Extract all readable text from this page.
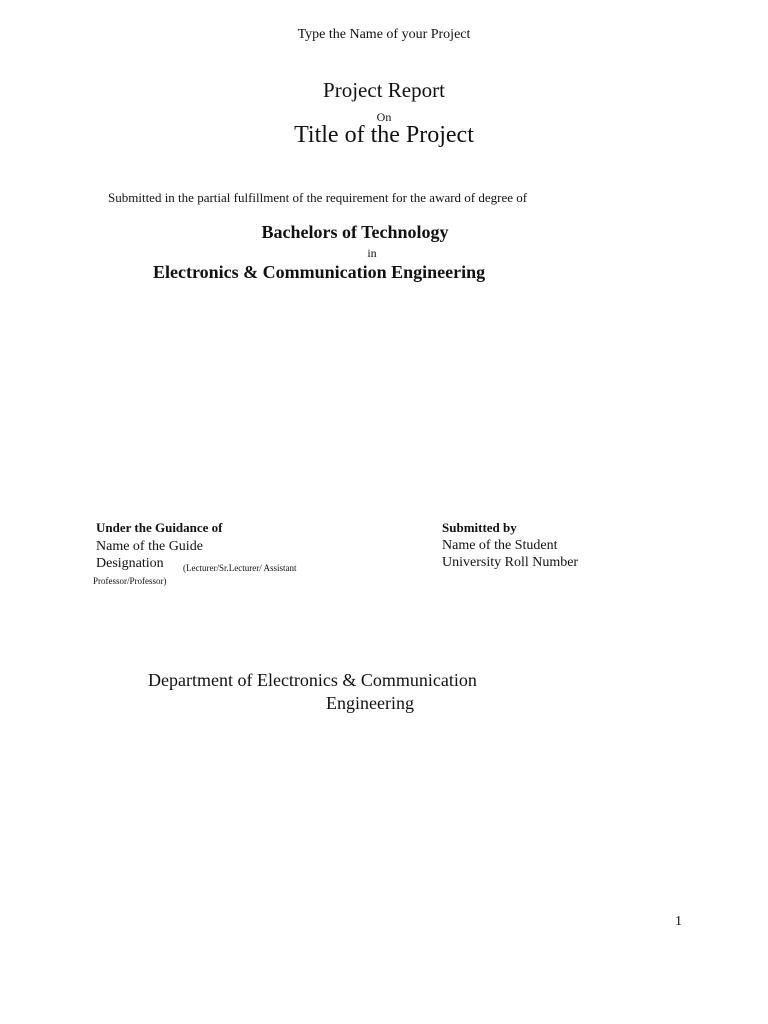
Type the Name of your Project
Project Report
On
Title of the Project
Submitted in the partial fulfillment of the requirement for the award of degree of
Bachelors of Technology
in
Electronics & Communication Engineering
Under the Guidance of
Name of the Guide
Designation (Lecturer/Sr.Lecturer/ Assistant
Professor/Professor)
Submitted by
Name of the Student
University Roll Number
Department of Electronics & Communication
Engineering
1
